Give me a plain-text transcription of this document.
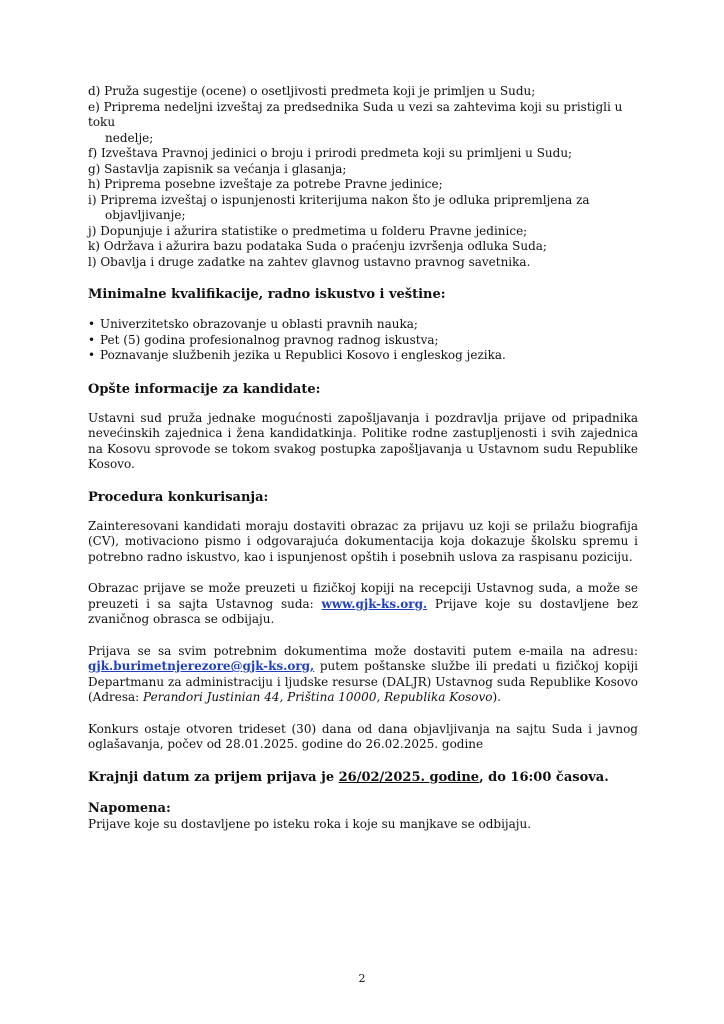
d) Pruža sugestije (ocene) o osetljivosti predmeta koji je primljen u Sudu;
e) Priprema nedeljni izveštaj za predsednika Suda u vezi sa zahtevima koji su pristigli u toku
nedelje;
f) Izveštava Pravnoj jedinici o broju i prirodi predmeta koji su primljeni u Sudu;
g) Sastavlja zapisnik sa većanja i glasanja;
h) Priprema posebne izveštaje za potrebe Pravne jedinice;
i) Priprema izveštaj o ispunjenosti kriterijuma nakon što je odluka pripremljena za
objavljivanje;
j) Dopunjuje i ažurira statistike o predmetima u folderu Pravne jedinice;
k) Održava i ažurira bazu podataka Suda o praćenju izvršenja odluka Suda;
l) Obavlja i druge zadatke na zahtev glavnog ustavno pravnog savetnika.
Minimalne kvalifikacije, radno iskustvo i veštine:
• Univerzitetsko obrazovanje u oblasti pravnih nauka;
• Pet (5) godina profesionalnog pravnog radnog iskustva;
• Poznavanje službenih jezika u Republici Kosovo i engleskog jezika.
Opšte informacije za kandidate:

Ustavni sud pruža jednake mogućnosti zapošljavanja i pozdravlja prijave od pripadnika nevećinskih zajednica i žena kandidatkinja. Politike rodne zastupljenosti i svih zajednica na Kosovu sprovode se tokom svakog postupka zapošljavanja u Ustavnom sudu Republike Kosovo.

Procedura konkurisanja:

Zainteresovani kandidati moraju dostaviti obrazac za prijavu uz koji se prilažu biografija (CV), motivaciono pismo i odgovarajuća dokumentacija koja dokazuje školsku spremu i potrebno radno iskustvo, kao i ispunjenost opštih i posebnih uslova za raspisanu poziciju.

Obrazac prijave se može preuzeti u fizičkoj kopiji na recepciji Ustavnog suda, a može se preuzeti i sa sajta Ustavnog suda: www.gjk-ks.org. Prijave koje su dostavljene bez zvaničnog obrasca se odbijaju.

Prijava se sa svim potrebnim dokumentima može dostaviti putem e-maila na adresu: gjk.burimetnjerezore@gjk-ks.org, putem poštanske službe ili predati u fizičkoj kopiji Departmanu za administraciju i ljudske resurse (DALJR) Ustavnog suda Republike Kosovo (Adresa: Perandori Justinian 44, Priština 10000, Republika Kosovo).

Konkurs ostaje otvoren trideset (30) dana od dana objavljivanja na sajtu Suda i javnog oglašavanja, počev od 28.01.2025. godine do 26.02.2025. godine

Krajnji datum za prijem prijava je 26/02/2025. godine, do 16:00 časova.
Napomena:

Prijave koje su dostavljene po isteku roka i koje su manjkave se odbijaju.

2
